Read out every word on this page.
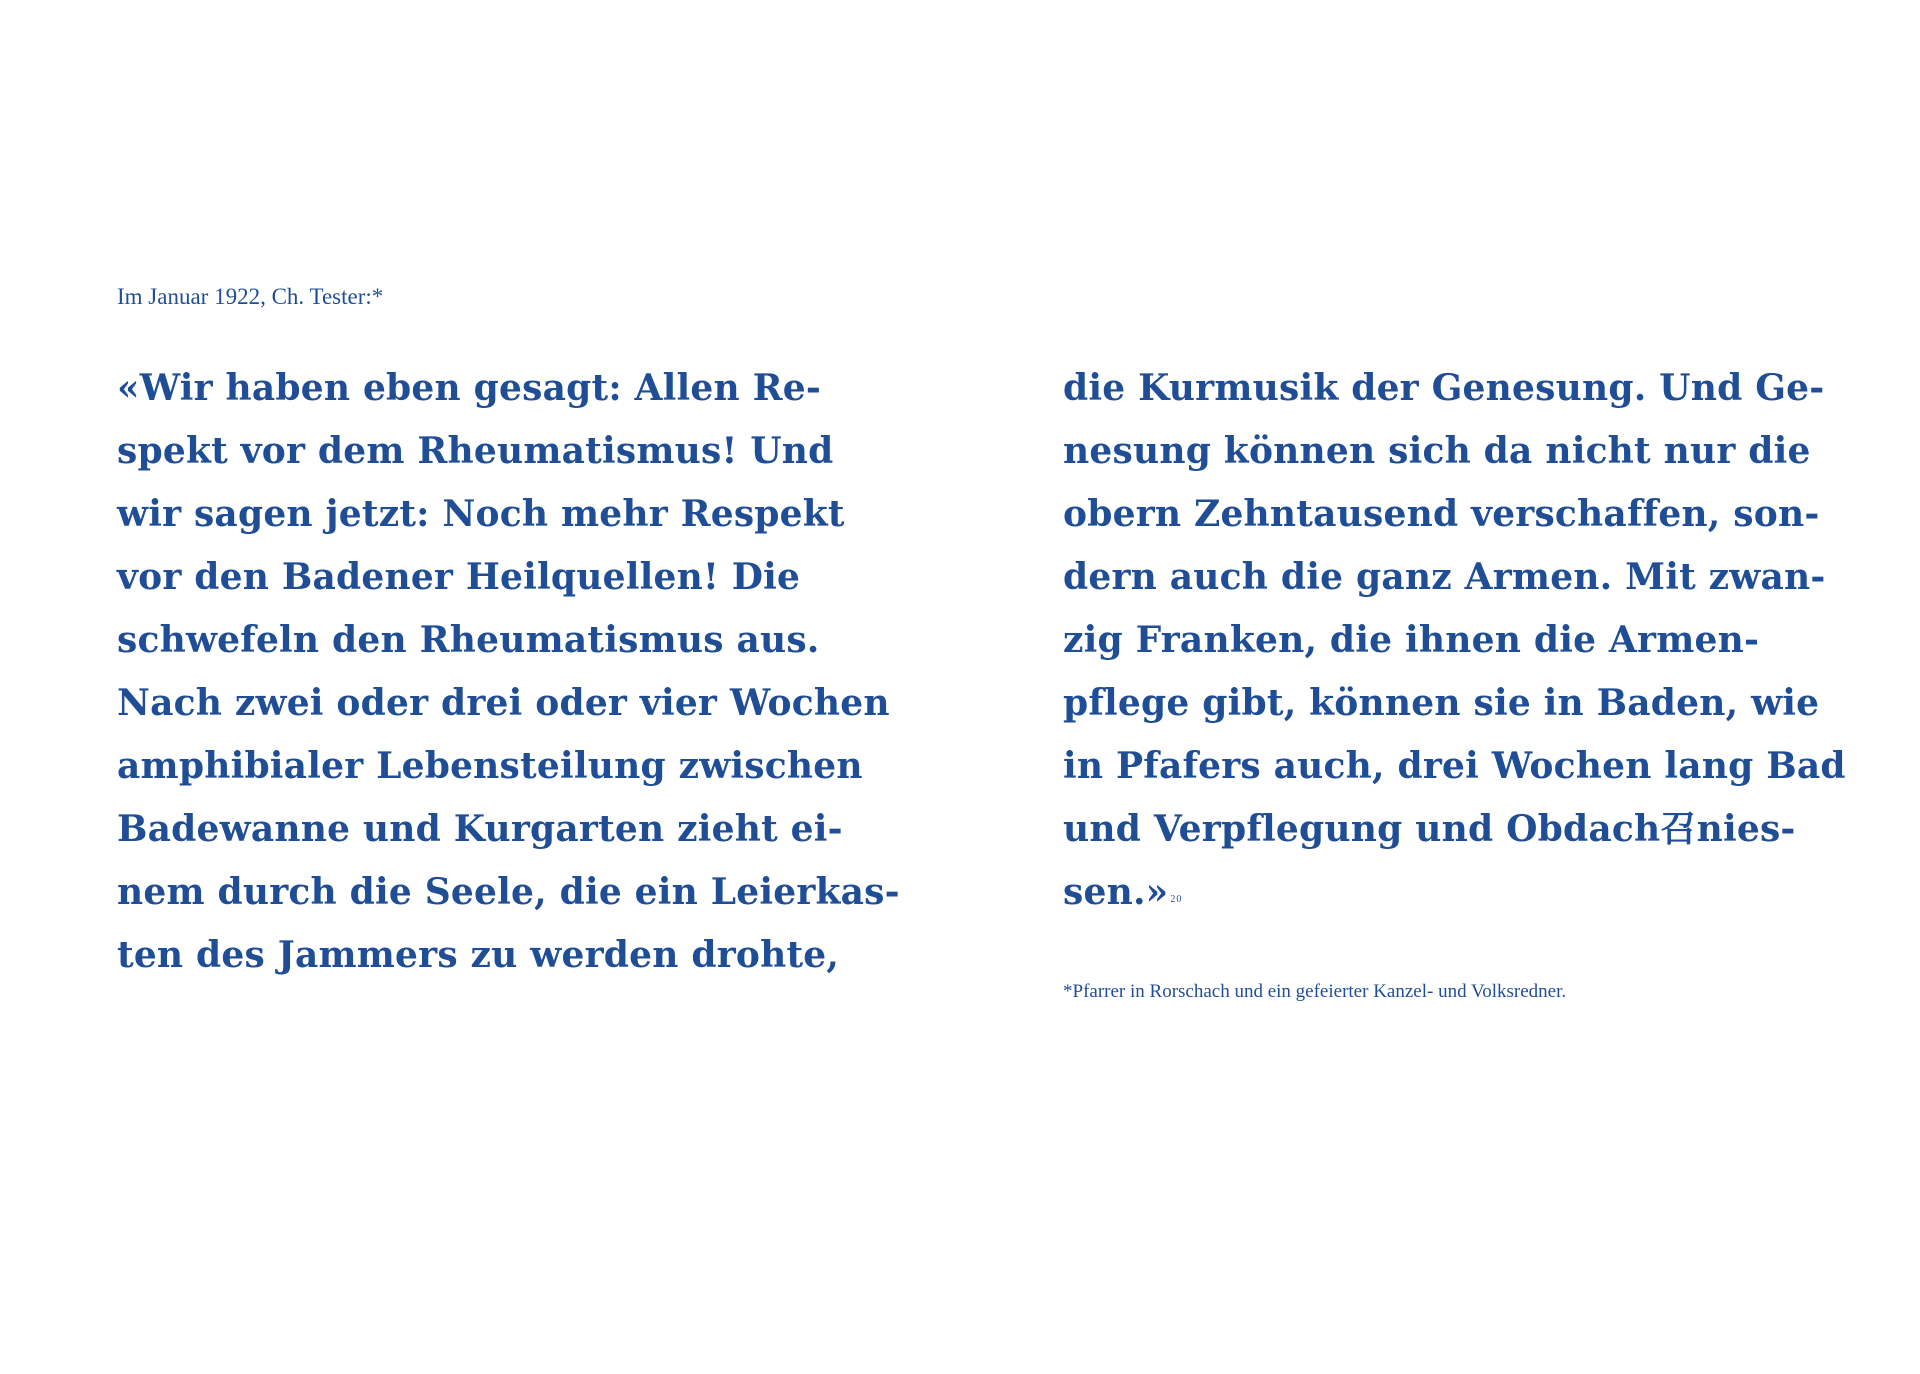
Im Januar 1922, Ch. Tester:*
«Wir haben eben gesagt: Allen Re-
spekt vor dem Rheumatismus! Und
wir sagen jetzt: Noch mehr Respekt
vor den Badener Heilquellen! Die
schwefeln den Rheumatismus aus.
Nach zwei oder drei oder vier Wochen
amphibialer Lebensteilung zwischen
Badewanne und Kurgarten zieht ei-
nem durch die Seele, die ein Leierkas-
ten des Jammers zu werden drohte,
die Kurmusik der Genesung. Und Ge-
nesung können sich da nicht nur die
obern Zehntausend verschaffen, son-
dern auch die ganz Armen. Mit zwan-
zig Franken, die ihnen die Armen-
pflege gibt, können sie in Baden, wie
in Pfafers auch, drei Wochen lang Bad
und Verpflegung und Obdach召nies-
sen.» $^{20}$
*Pfarrer in Rorschach und ein gefeierter Kanzel- und Volksredner.
